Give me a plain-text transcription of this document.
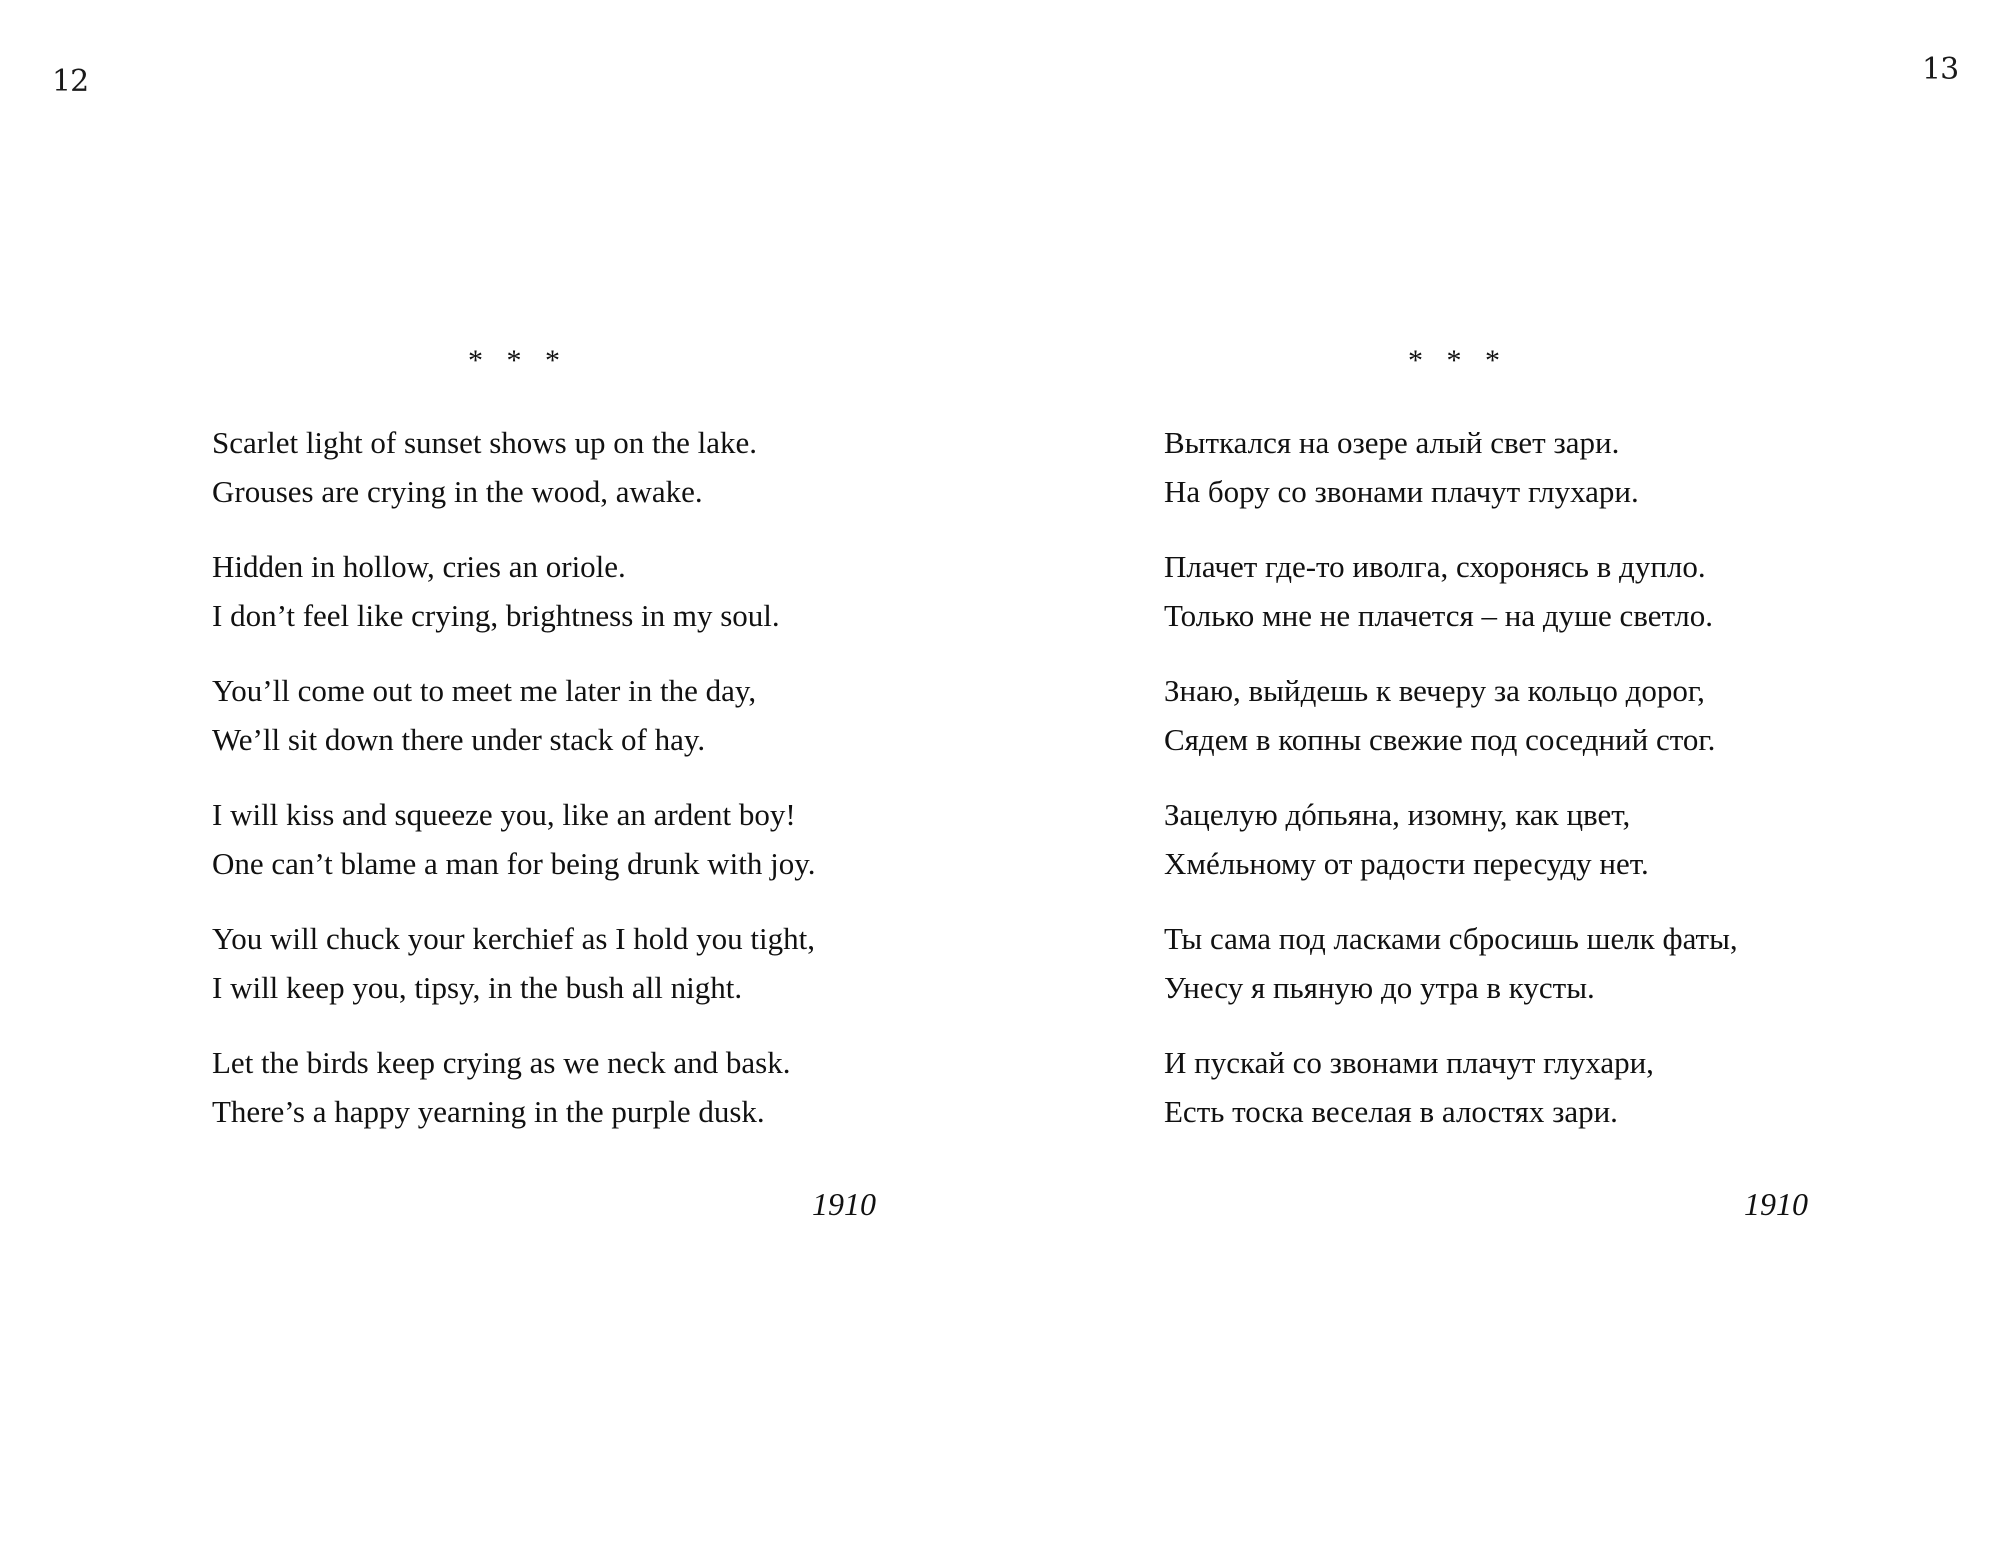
12
* * *
Scarlet light of sunset shows up on the lake.
Grouses are crying in the wood, awake.
Hidden in hollow, cries an oriole.
I don’t feel like crying, brightness in my soul.
You’ll come out to meet me later in the day,
We’ll sit down there under stack of hay.
I will kiss and squeeze you, like an ardent boy!
One can’t blame a man for being drunk with joy.
You will chuck your kerchief as I hold you tight,
I will keep you, tipsy, in the bush all night.
Let the birds keep crying as we neck and bask.
There’s a happy yearning in the purple dusk.
1910
13
* * *
Выткался на озере алый свет зари.
На бору со звонами плачут глухари.
Плачет где-то иволга, схоронясь в дупло.
Только мне не плачется – на душе светло.
Знаю, выйдешь к вечеру за кольцо дорог,
Сядем в копны свежие под соседний стог.
Зацелую дóпьяна, изомну, как цвет,
Хмéльному от радости пересуду нет.
Ты сама под ласками сбросишь шелк фаты,
Унесу я пьяную до утра в кусты.
И пускай со звонами плачут глухари,
Есть тоска веселая в алостях зари.
1910
